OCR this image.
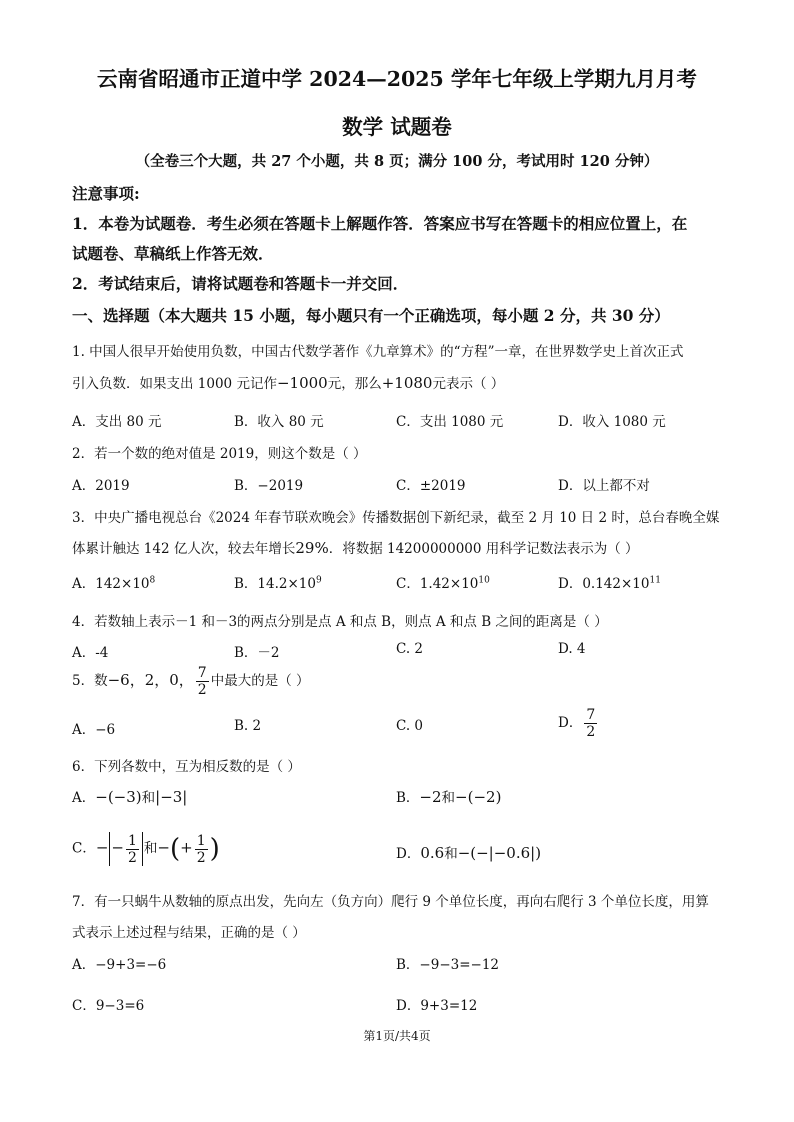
云南省昭通市正道中学 2024—2025 学年七年级上学期九月月考
数学 试题卷
（全卷三个大题，共 27 个小题，共 8 页；满分 100 分，考试用时 120 分钟）
注意事项:
1．本卷为试题卷．考生必须在答题卡上解题作答．答案应书写在答题卡的相应位置上，在
试题卷、草稿纸上作答无效．
2．考试结束后，请将试题卷和答题卡一并交回．
一、选择题（本大题共 15 小题，每小题只有一个正确选项，每小题 2 分，共 30 分）
1. 中国人很早开始使用负数，中国古代数学著作《九章算术》的“方程”一章，在世界数学史上首次正式
引入负数．如果支出 1000 元记作−1000元，那么+1080元表示（ ）
A．支出 80 元	B．收入 80 元	C．支出 1080 元	D．收入 1080 元
2．若一个数的绝对值是 2019，则这个数是（ ）
A．2019	B．−2019	C．±2019	D．以上都不对
3．中央广播电视总台《2024 年春节联欢晚会》传播数据创下新纪录，截至 2 月 10 日 2 时，总台春晚全媒
体累计触达 142 亿人次，较去年增长29%．将数据 14200000000 用科学记数法表示为（ ）
A．$142\times 10^8$	B．$14.2\times 10^9$	C．$1.42\times 10^{10}$	D．$0.142\times 10^{11}$
4．若数轴上表示－1 和－3的两点分别是点 A 和点 B，则点 A 和点 B 之间的距离是（ ）
A．-4	B．－2	C. 2	D. 4
5．数−6，2，0， $\frac{7}{2}$ 中最大的是（ ）
A．−6	B. 2	C. 0	D． $\frac{7}{2}$
6．下列各数中，互为相反数的是（ ）
A．−(−3)和|−3|	B．−2和−(−2)
C．− − $\frac{1}{2}$ 和−(+ $\frac{1}{2}$ )	D．0.6和−(−|−0.6|)
7．有一只蜗牛从数轴的原点出发，先向左（负方向）爬行 9 个单位长度，再向右爬行 3 个单位长度，用算
式表示上述过程与结果，正确的是（ ）
A．−9+3=−6	B．−9−3=−12
C．9−3=6	D．9+3=12
第1页/共4页
